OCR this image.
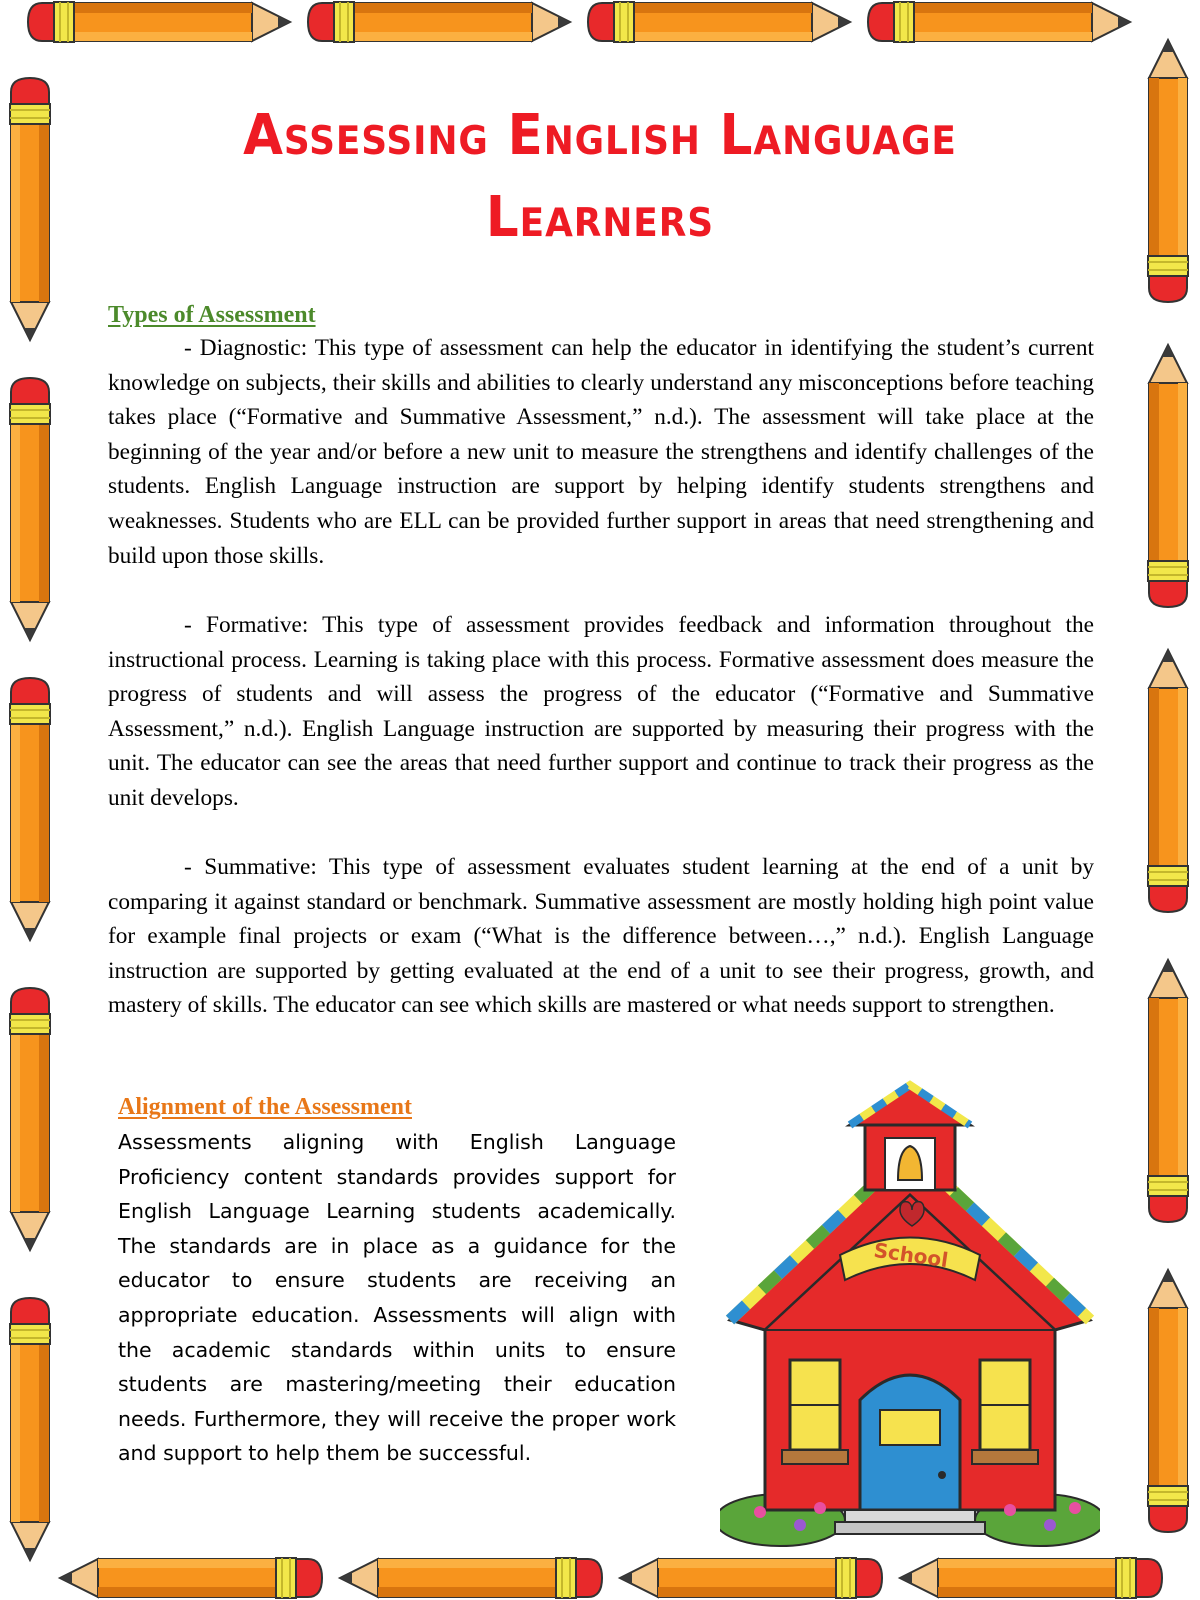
Assessing English Language Learners
Types of Assessment

- Diagnostic: This type of assessment can help the educator in identifying the student’s current knowledge on subjects, their skills and abilities to clearly understand any misconceptions before teaching takes place (“Formative and Summative Assessment,” n.d.). The assessment will take place at the beginning of the year and/or before a new unit to measure the strengthens and identify challenges of the students. English Language instruction are support by helping identify students strengthens and weaknesses. Students who are ELL can be provided further support in areas that need strengthening and build upon those skills.

- Formative: This type of assessment provides feedback and information throughout the instructional process. Learning is taking place with this process. Formative assessment does measure the progress of students and will assess the progress of the educator (“Formative and Summative Assessment,” n.d.). English Language instruction are supported by measuring their progress with the unit. The educator can see the areas that need further support and continue to track their progress as the unit develops.

- Summative: This type of assessment evaluates student learning at the end of a unit by comparing it against standard or benchmark. Summative assessment are mostly holding high point value for example final projects or exam (“What is the difference between…,” n.d.). English Language instruction are supported by getting evaluated at the end of a unit to see their progress, growth, and mastery of skills. The educator can see which skills are mastered or what needs support to strengthen.

Alignment of the Assessment

Assessments aligning with English Language Proficiency content standards provides support for English Language Learning students academically. The standards are in place as a guidance for the educator to ensure students are receiving an appropriate education. Assessments will align with the academic standards within units to ensure students are mastering/meeting their education needs. Furthermore, they will receive the proper work and support to help them be successful.

School
